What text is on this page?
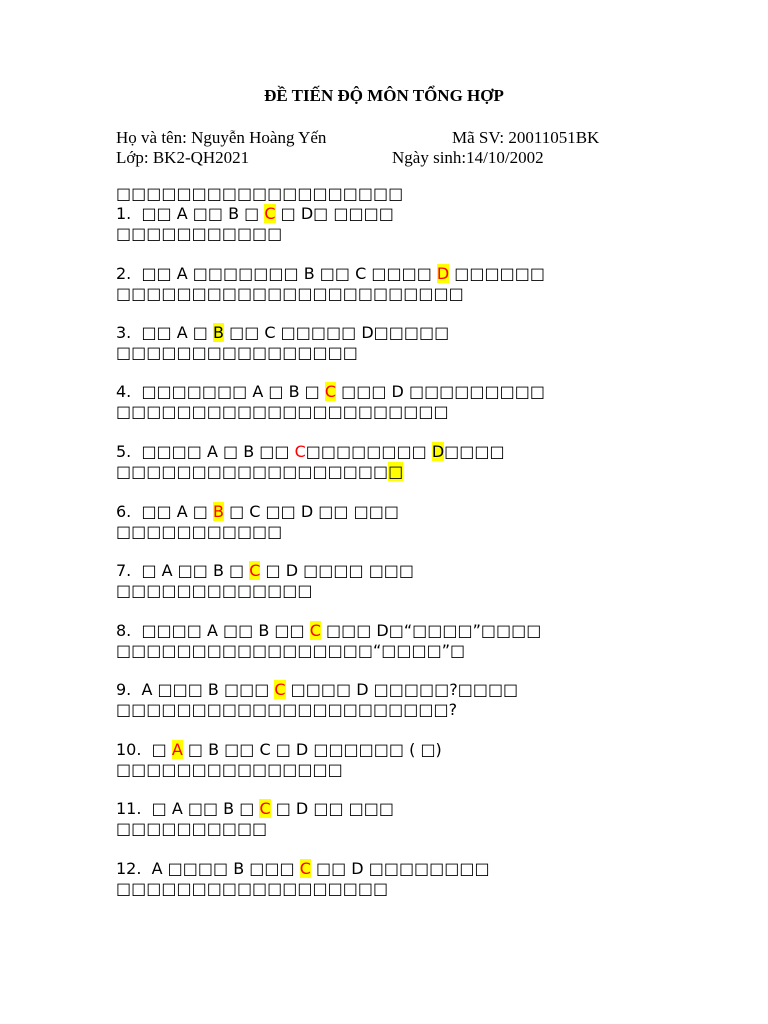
ĐỀ TIẾN ĐỘ MÔN TỔNG HỢP
Họ và tên: Nguyễn Hoàng Yến	Mã SV: 20011051BK
Lớp: BK2-QH2021	Ngày sinh:14/10/2002
□□□□□□□□□□□□□□□□□□□
1. □□ A □□ B □ C □ D□ □□□□
□□□□□□□□□□□
2. □□ A □□□□□□□ B □□ C □□□□ D □□□□□□
□□□□□□□□□□□□□□□□□□□□□□□
3. □□ A □ B □□ C □□□□□ D□□□□□
□□□□□□□□□□□□□□□□
4. □□□□□□□ A □ B □ C □□□ D □□□□□□□□□
□□□□□□□□□□□□□□□□□□□□□□
5. □□□□ A □ B □□ C□□□□□□□□ D□□□□
□□□□□□□□□□□□□□□□□□□
6. □□ A □ B □ C □□ D □□ □□□
□□□□□□□□□□□
7. □ A □□ B □ C □ D □□□□ □□□
□□□□□□□□□□□□□
8. □□□□ A □□ B □□ C □□□ D□“□□□□”□□□□
□□□□□□□□□□□□□□□□□“□□□□”□
9. A □□□ B □□□ C □□□□ D □□□□□?□□□□
□□□□□□□□□□□□□□□□□□□□□□?
10. □ A □ B □□ C □ D □□□□□□ ( □)
□□□□□□□□□□□□□□□
11. □ A □□ B □ C □ D □□ □□□
□□□□□□□□□□
12. A □□□□ B □□□ C □□ D □□□□□□□□
□□□□□□□□□□□□□□□□□□
